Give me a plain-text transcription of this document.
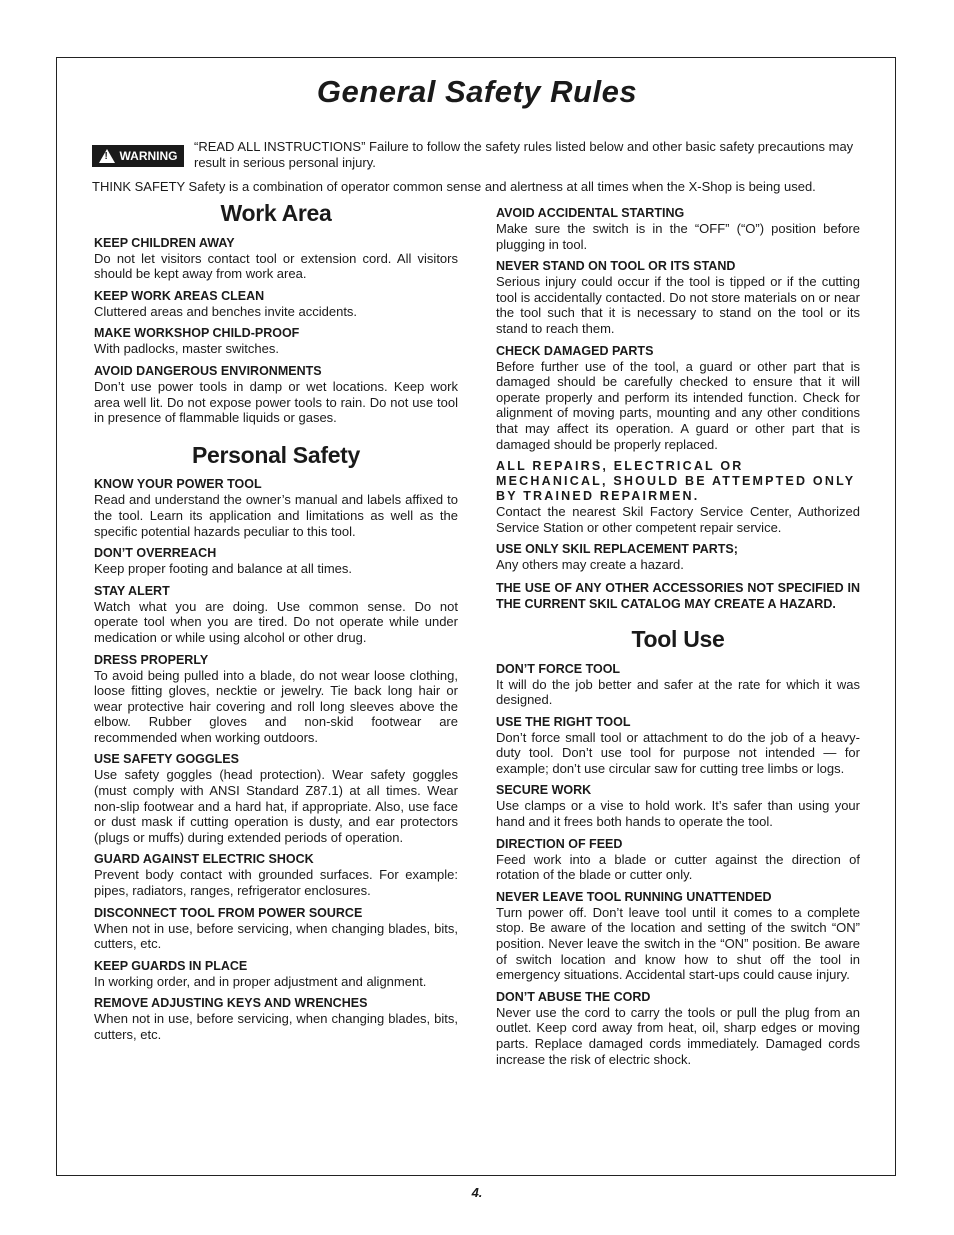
General Safety Rules
! WARNING
“READ ALL INSTRUCTIONS” Failure to follow the safety rules listed below and other basic safety precautions may result in serious personal injury.
THINK SAFETY Safety is a combination of operator common sense and alertness at all times when the X-Shop is being used.
Work Area
KEEP CHILDREN AWAY

Do not let visitors contact tool or extension cord. All visitors should be kept away from work area.

KEEP WORK AREAS CLEAN

Cluttered areas and benches invite accidents.

MAKE WORKSHOP CHILD-PROOF

With padlocks, master switches.

AVOID DANGEROUS ENVIRONMENTS

Don’t use power tools in damp or wet locations. Keep work area well lit. Do not expose power tools to rain. Do not use tool in presence of flammable liquids or gases.

Personal Safety
KNOW YOUR POWER TOOL

Read and understand the owner’s manual and labels affixed to the tool. Learn its application and limitations as well as the specific potential hazards peculiar to this tool.

DON’T OVERREACH

Keep proper footing and balance at all times.

STAY ALERT

Watch what you are doing. Use common sense. Do not operate tool when you are tired. Do not operate while under medication or while using alcohol or other drug.

DRESS PROPERLY

To avoid being pulled into a blade, do not wear loose clothing, loose fitting gloves, necktie or jewelry. Tie back long hair or wear protective hair covering and roll long sleeves above the elbow. Rubber gloves and non-skid footwear are recommended when working outdoors.

USE SAFETY GOGGLES

Use safety goggles (head protection). Wear safety goggles (must comply with ANSI Standard Z87.1) at all times. Wear non-slip footwear and a hard hat, if appropriate. Also, use face or dust mask if cutting operation is dusty, and ear protectors (plugs or muffs) during extended periods of operation.

GUARD AGAINST ELECTRIC SHOCK

Prevent body contact with grounded surfaces. For example: pipes, radiators, ranges, refrigerator enclosures.

DISCONNECT TOOL FROM POWER SOURCE

When not in use, before servicing, when changing blades, bits, cutters, etc.

KEEP GUARDS IN PLACE

In working order, and in proper adjustment and alignment.

REMOVE ADJUSTING KEYS AND WRENCHES

When not in use, before servicing, when changing blades, bits, cutters, etc.

AVOID ACCIDENTAL STARTING

Make sure the switch is in the “OFF” (“O”) position before plugging in tool.

NEVER STAND ON TOOL OR ITS STAND

Serious injury could occur if the tool is tipped or if the cutting tool is accidentally contacted. Do not store materials on or near the tool such that it is necessary to stand on the tool or its stand to reach them.

CHECK DAMAGED PARTS

Before further use of the tool, a guard or other part that is damaged should be carefully checked to ensure that it will operate properly and perform its intended function. Check for alignment of moving parts, mounting and any other conditions that may affect its operation. A guard or other part that is damaged should be properly replaced.

ALL REPAIRS, ELECTRICAL OR MECHANICAL, SHOULD BE ATTEMPTED ONLY BY TRAINED REPAIRMEN.

Contact the nearest Skil Factory Service Center, Authorized Service Station or other competent repair service.

USE ONLY SKIL REPLACEMENT PARTS;

Any others may create a hazard.

THE USE OF ANY OTHER ACCESSORIES NOT SPECIFIED IN THE CURRENT SKIL CATALOG MAY CREATE A HAZARD.

Tool Use
DON’T FORCE TOOL

It will do the job better and safer at the rate for which it was designed.

USE THE RIGHT TOOL

Don’t force small tool or attachment to do the job of a heavy-duty tool. Don’t use tool for purpose not intended — for example; don’t use circular saw for cutting tree limbs or logs.

SECURE WORK

Use clamps or a vise to hold work. It’s safer than using your hand and it frees both hands to operate the tool.

DIRECTION OF FEED

Feed work into a blade or cutter against the direction of rotation of the blade or cutter only.

NEVER LEAVE TOOL RUNNING UNATTENDED

Turn power off. Don’t leave tool until it comes to a complete stop. Be aware of the location and setting of the switch “ON” position. Never leave the switch in the “ON” position. Be aware of switch location and know how to shut off the tool in emergency situations. Accidental start-ups could cause injury.

DON’T ABUSE THE CORD

Never use the cord to carry the tools or pull the plug from an outlet. Keep cord away from heat, oil, sharp edges or moving parts. Replace damaged cords immediately. Damaged cords increase the risk of electric shock.

4.
